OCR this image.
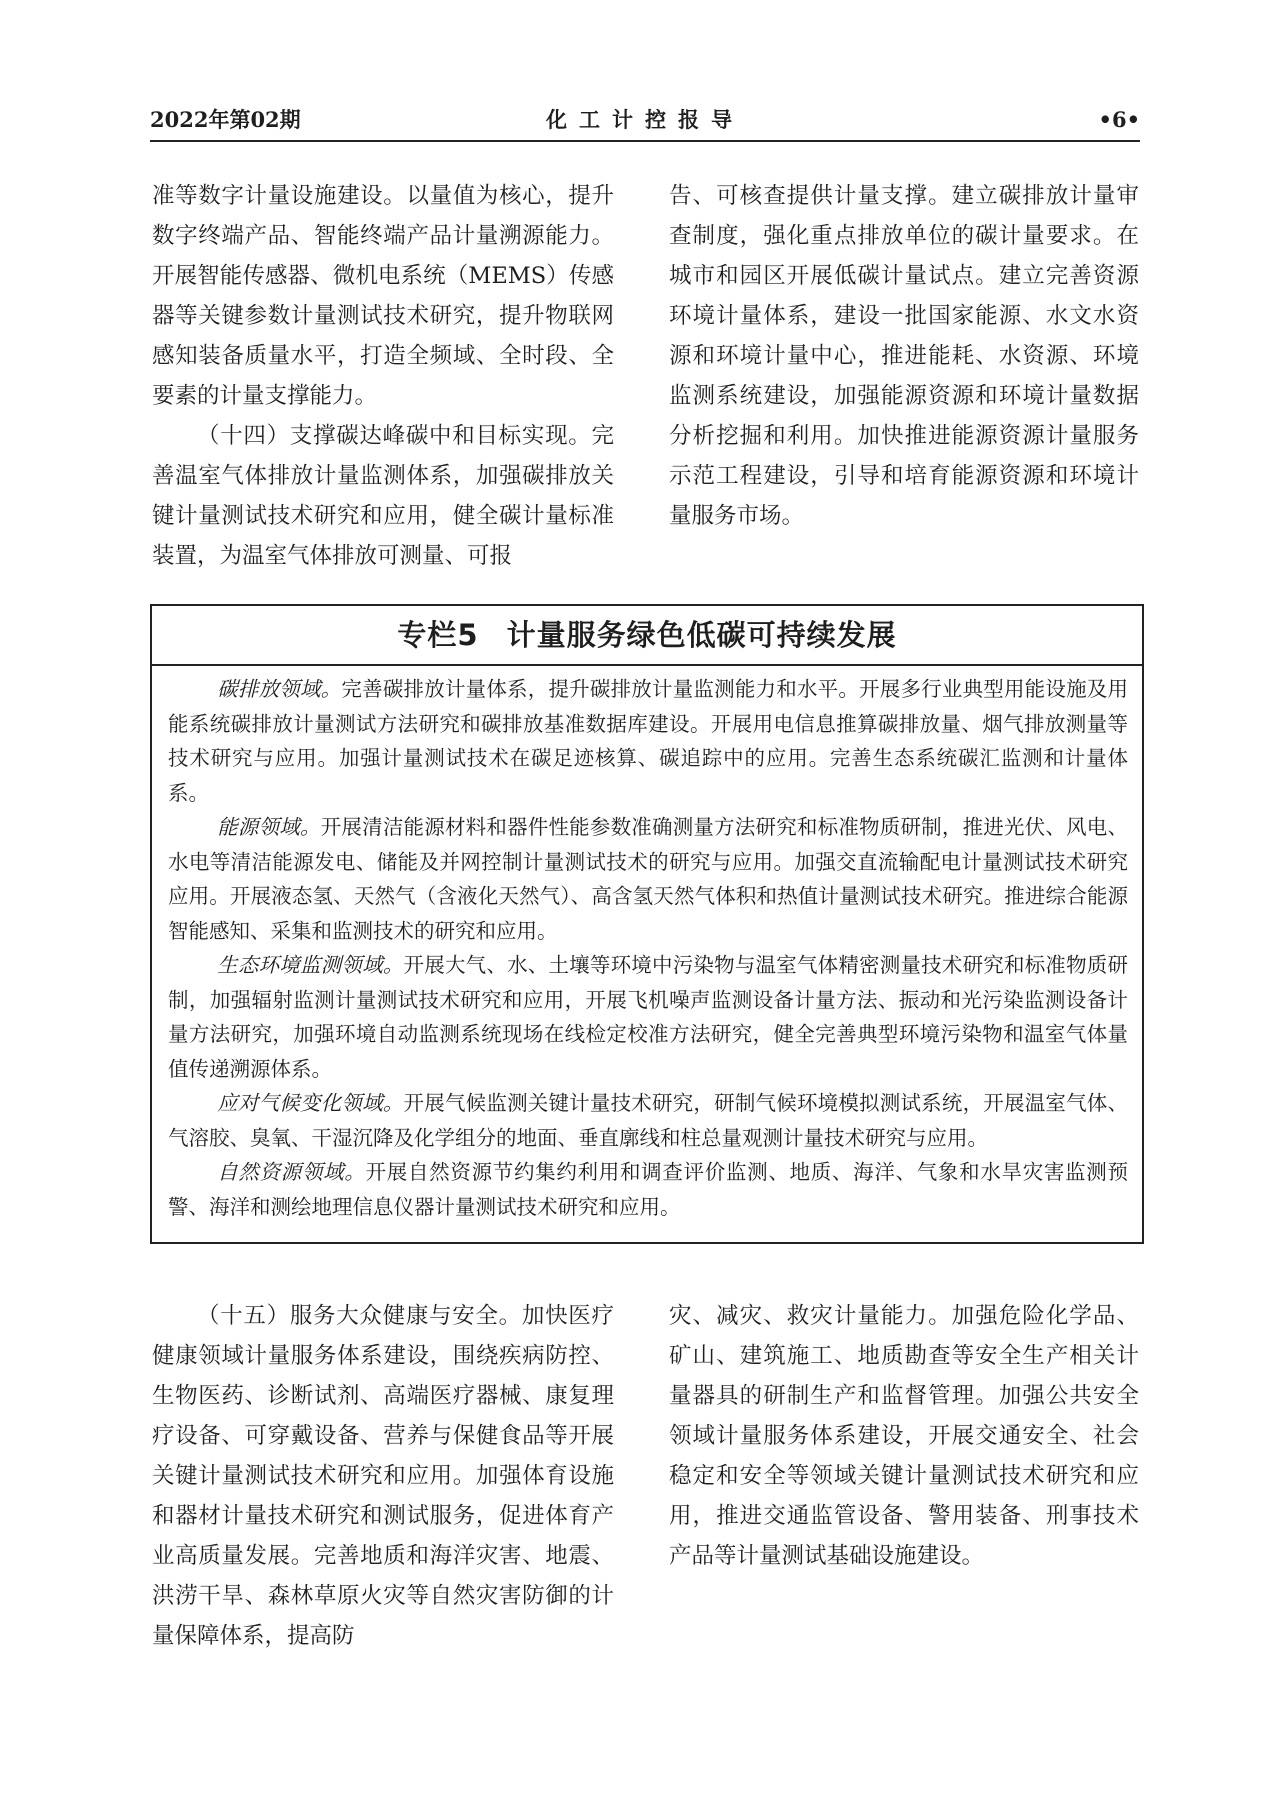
化工计控报导
2022年第02期	•6•

准等数字计量设施建设。以量值为核心，提升数字终端产品、智能终端产品计量溯源能力。开展智能传感器、微机电系统（MEMS）传感器等关键参数计量测试技术研究，提升物联网感知装备质量水平，打造全频域、全时段、全要素的计量支撑能力。

（十四）支撑碳达峰碳中和目标实现。完善温室气体排放计量监测体系，加强碳排放关键计量测试技术研究和应用，健全碳计量标准装置，为温室气体排放可测量、可报

告、可核查提供计量支撑。建立碳排放计量审查制度，强化重点排放单位的碳计量要求。在城市和园区开展低碳计量试点。建立完善资源环境计量体系，建设一批国家能源、水文水资源和环境计量中心，推进能耗、水资源、环境监测系统建设，加强能源资源和环境计量数据分析挖掘和利用。加快推进能源资源计量服务示范工程建设，引导和培育能源资源和环境计量服务市场。

专栏5 计量服务绿色低碳可持续发展

碳排放领域。完善碳排放计量体系，提升碳排放计量监测能力和水平。开展多行业典型用能设施及用能系统碳排放计量测试方法研究和碳排放基准数据库建设。开展用电信息推算碳排放量、烟气排放测量等技术研究与应用。加强计量测试技术在碳足迹核算、碳追踪中的应用。完善生态系统碳汇监测和计量体系。

能源领域。开展清洁能源材料和器件性能参数准确测量方法研究和标准物质研制，推进光伏、风电、水电等清洁能源发电、储能及并网控制计量测试技术的研究与应用。加强交直流输配电计量测试技术研究应用。开展液态氢、天然气（含液化天然气）、高含氢天然气体积和热值计量测试技术研究。推进综合能源智能感知、采集和监测技术的研究和应用。

生态环境监测领域。开展大气、水、土壤等环境中污染物与温室气体精密测量技术研究和标准物质研制，加强辐射监测计量测试技术研究和应用，开展飞机噪声监测设备计量方法、振动和光污染监测设备计量方法研究，加强环境自动监测系统现场在线检定校准方法研究，健全完善典型环境污染物和温室气体量值传递溯源体系。

应对气候变化领域。开展气候监测关键计量技术研究，研制气候环境模拟测试系统，开展温室气体、气溶胶、臭氧、干湿沉降及化学组分的地面、垂直廓线和柱总量观测计量技术研究与应用。

自然资源领域。开展自然资源节约集约利用和调查评价监测、地质、海洋、气象和水旱灾害监测预警、海洋和测绘地理信息仪器计量测试技术研究和应用。

（十五）服务大众健康与安全。加快医疗健康领域计量服务体系建设，围绕疾病防控、生物医药、诊断试剂、高端医疗器械、康复理疗设备、可穿戴设备、营养与保健食品等开展关键计量测试技术研究和应用。加强体育设施和器材计量技术研究和测试服务，促进体育产业高质量发展。完善地质和海洋灾害、地震、洪涝干旱、森林草原火灾等自然灾害防御的计量保障体系，提高防

灾、减灾、救灾计量能力。加强危险化学品、矿山、建筑施工、地质勘查等安全生产相关计量器具的研制生产和监督管理。加强公共安全领域计量服务体系建设，开展交通安全、社会稳定和安全等领域关键计量测试技术研究和应用，推进交通监管设备、警用装备、刑事技术产品等计量测试基础设施建设。
